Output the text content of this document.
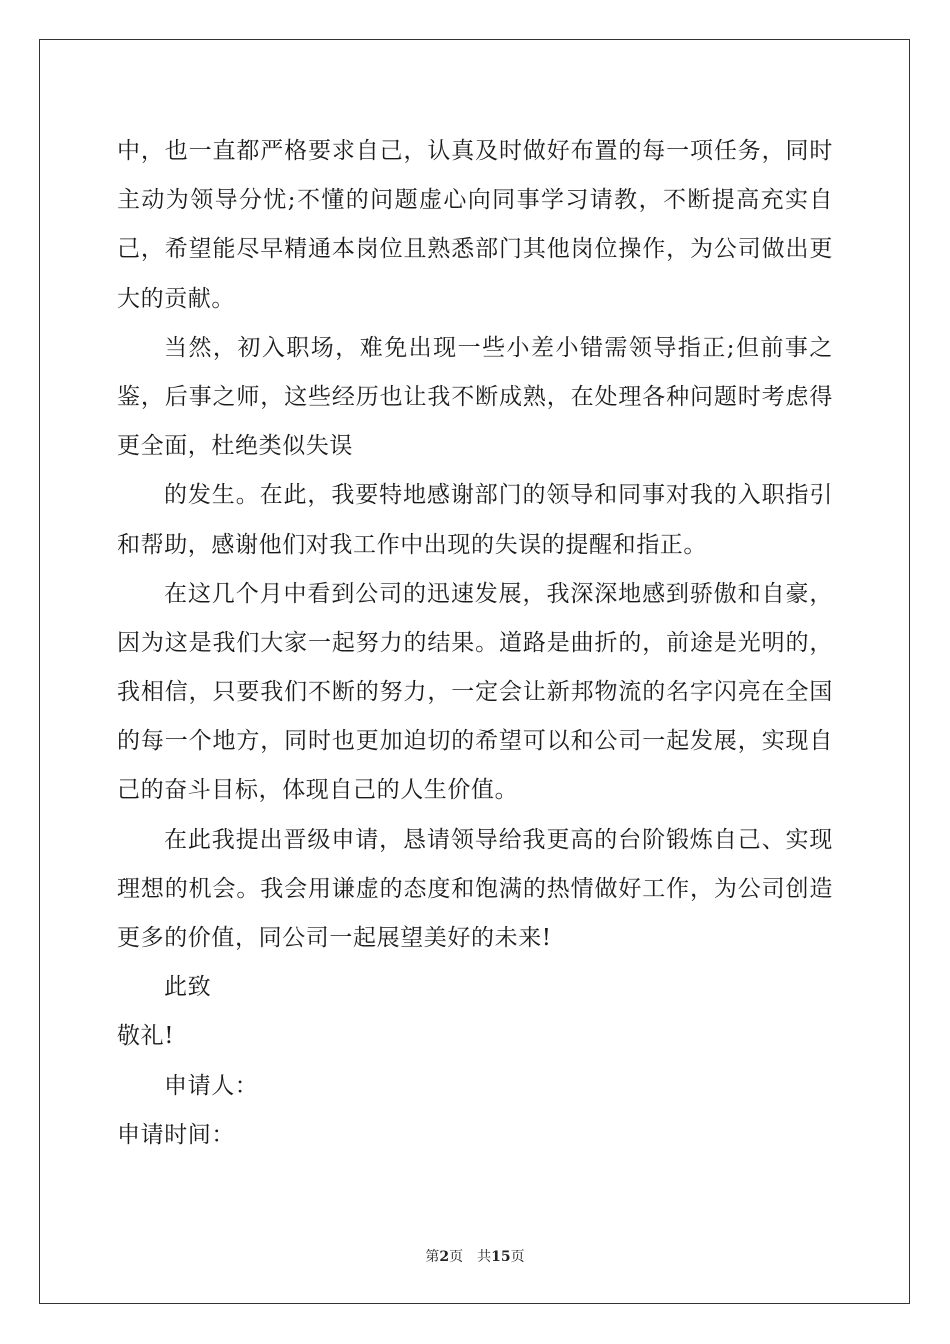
中，也一直都严格要求自己，认真及时做好布置的每一项任务，同时
主动为领导分忧;不懂的问题虚心向同事学习请教，不断提高充实自
己，希望能尽早精通本岗位且熟悉部门其他岗位操作，为公司做出更
大的贡献。
当然，初入职场，难免出现一些小差小错需领导指正;但前事之
鉴，后事之师，这些经历也让我不断成熟，在处理各种问题时考虑得
更全面，杜绝类似失误
的发生。在此，我要特地感谢部门的领导和同事对我的入职指引
和帮助，感谢他们对我工作中出现的失误的提醒和指正。
在这几个月中看到公司的迅速发展，我深深地感到骄傲和自豪，
因为这是我们大家一起努力的结果。道路是曲折的，前途是光明的，
我相信，只要我们不断的努力，一定会让新邦物流的名字闪亮在全国
的每一个地方，同时也更加迫切的希望可以和公司一起发展，实现自
己的奋斗目标，体现自己的人生价值。
在此我提出晋级申请，恳请领导给我更高的台阶锻炼自己、实现
理想的机会。我会用谦虚的态度和饱满的热情做好工作，为公司创造
更多的价值，同公司一起展望美好的未来!
此致
敬礼!
申请人：
申请时间：
第2页　共15页
